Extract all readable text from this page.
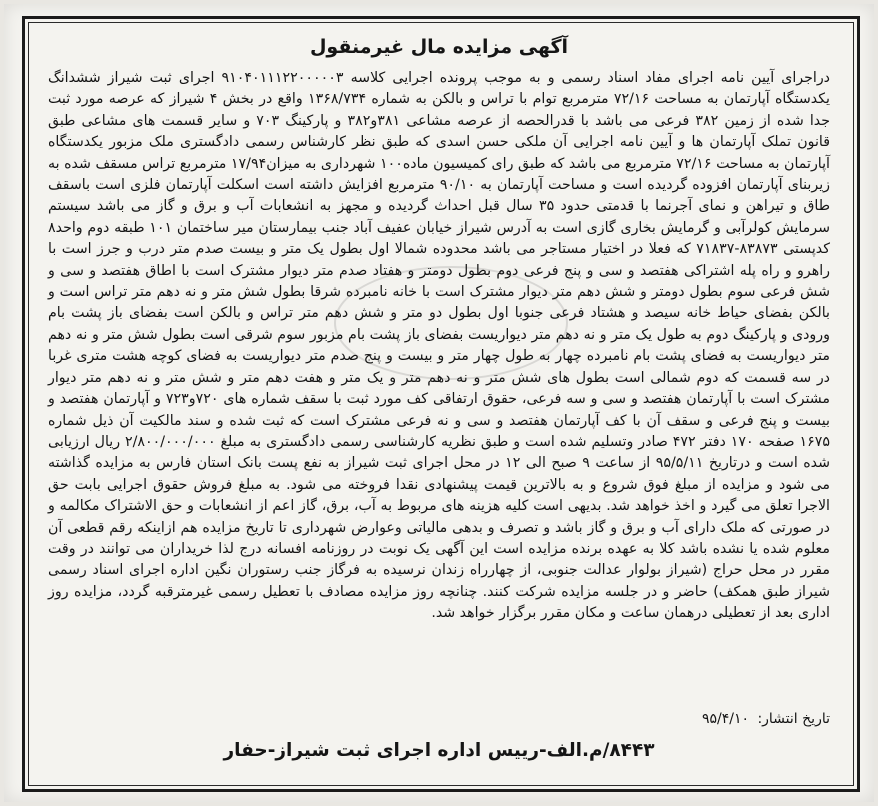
آگهی مزایده مال غیرمنقول
دراجرای آیین نامه اجرای مفاد اسناد رسمی و به موجب پرونده اجرایی کلاسه ۹۱۰۴۰۱۱۱۲۲۰۰۰۰۰۳ اجرای ثبت شیراز ششدانگ یکدستگاه آپارتمان به مساحت ۷۲/۱۶ مترمربع توام با تراس و بالکن به شماره ۱۳۶۸/۷۳۴ واقع در بخش ۴ شیراز که عرصه مورد ثبت جدا شده از زمین ۳۸۲ فرعی می باشد با قدرالحصه از عرصه مشاعی ۳۸۱و۳۸۲ و پارکینگ ۷۰۳ و سایر قسمت های مشاعی طبق قانون تملک آپارتمان ها و آیین نامه اجرایی آن ملکی حسن اسدی که طبق نظر کارشناس رسمی دادگستری ملک مزبور یکدستگاه آپارتمان به مساحت ۷۲/۱۶ مترمربع می باشد که طبق رای کمیسیون ماده۱۰۰ شهرداری به میزان۱۷/۹۴ مترمربع تراس مسقف شده به زیربنای آپارتمان افزوده گردیده است و مساحت آپارتمان به ۹۰/۱۰ مترمربع افزایش داشته است اسکلت آپارتمان فلزی است باسقف طاق و تیراهن و نمای آجرنما با قدمتی حدود ۳۵ سال قبل احداث گردیده و مجهز به انشعابات آب و برق و گاز می باشد سیستم سرمایش کولرآبی و گرمایش بخاری گازی است به آدرس شیراز خیابان عفیف آباد جنب بیمارستان میر ساختمان ۱۰۱ طبقه دوم واحد۸ کدپستی ۸۳۸۷۳-۷۱۸۳۷ که فعلا در اختیار مستاجر می باشد محدوده شمالا اول بطول یک متر و بیست صدم متر درب و جرز است با راهرو و راه پله اشتراکی هفتصد و سی و پنج فرعی دوم بطول دومتر و هفتاد صدم متر دیوار مشترک است با اطاق هفتصد و سی و شش فرعی سوم بطول دومتر و شش دهم متر دیوار مشترک است با خانه نامبرده شرقا بطول شش متر و نه دهم متر تراس است و بالکن بفضای حیاط خانه سیصد و هشتاد فرعی جنوبا اول بطول دو متر و شش دهم متر تراس و بالکن است بفضای باز پشت بام ورودی و پارکینگ دوم به طول یک متر و نه دهم متر دیواریست بفضای باز پشت بام مزبور سوم شرقی است بطول شش متر و نه دهم متر دیواریست به فضای پشت بام نامبرده چهار به طول چهار متر و بیست و پنج صدم متر دیواریست به فضای کوچه هشت متری غربا در سه قسمت که دوم شمالی است بطول های شش متر و نه دهم متر و یک متر و هفت دهم متر و شش متر و نه دهم متر دیوار مشترک است با آپارتمان هفتصد و سی و سه فرعی، حقوق ارتفاقی کف مورد ثبت با سقف شماره های ۷۲۰و۷۲۳ و آپارتمان هفتصد و بیست و پنج فرعی و سقف آن با کف آپارتمان هفتصد و سی و نه فرعی مشترک است که ثبت شده و سند مالکیت آن ذیل شماره ۱۶۷۵ صفحه ۱۷۰ دفتر ۴۷۲ صادر وتسلیم شده است و طبق نظریه کارشناسی رسمی دادگستری به مبلغ ۲/۸۰۰/۰۰۰/۰۰۰ ریال ارزیابی شده است و درتاریخ ۹۵/۵/۱۱ از ساعت ۹ صبح الی ۱۲ در محل اجرای ثبت شیراز به نفع پست بانک استان فارس به مزایده گذاشته می شود و مزایده از مبلغ فوق شروع و به بالاترین قیمت پیشنهادی نقدا فروخته می شود. به مبلغ فروش حقوق اجرایی بابت حق الاجرا تعلق می گیرد و اخذ خواهد شد. بدیهی است کلیه هزینه های مربوط به آب، برق، گاز اعم از انشعابات و حق الاشتراک مکالمه و در صورتی که ملک دارای آب و برق و گاز باشد و تصرف و بدهی مالیاتی وعوارض شهرداری تا تاریخ مزایده هم ازاینکه رقم قطعی آن معلوم شده یا نشده باشد کلا به عهده برنده مزایده است این آگهی یک نوبت در روزنامه افسانه درج لذا خریداران می توانند در وقت مقرر در محل حراج (شیراز بولوار عدالت جنوبی، از چهارراه زندان نرسیده به فرگاز جنب رستوران نگین اداره اجرای اسناد رسمی شیراز طبق همکف) حاضر و در جلسه مزایده شرکت کنند. چنانچه روز مزایده مصادف با تعطیل رسمی غیرمترقبه گردد، مزایده روز اداری بعد از تعطیلی درهمان ساعت و مکان مقرر برگزار خواهد شد.
تاریخ انتشار: ۹۵/۴/۱۰
۸۴۴۳/م.الف-رییس اداره اجرای ثبت شیراز-حفار
